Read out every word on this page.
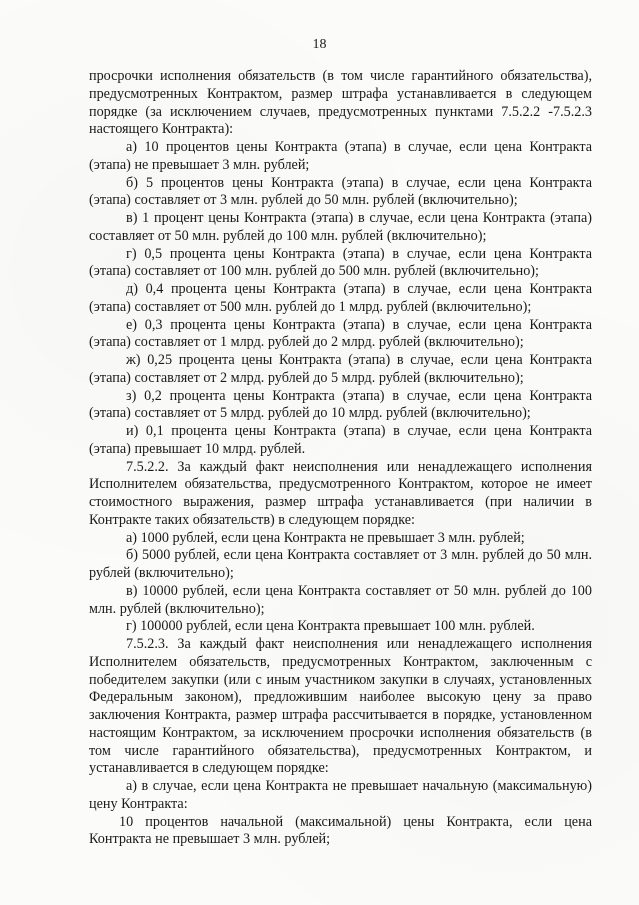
18

просрочки исполнения обязательств (в том числе гарантийного обязательства), предусмотренных Контрактом, размер штрафа устанавливается в следующем порядке (за исключением случаев, предусмотренных пунктами 7.5.2.2 -7.5.2.3 настоящего Контракта):

а) 10 процентов цены Контракта (этапа) в случае, если цена Контракта (этапа) не превышает 3 млн. рублей;

б) 5 процентов цены Контракта (этапа) в случае, если цена Контракта (этапа) составляет от 3 млн. рублей до 50 млн. рублей (включительно);

в) 1 процент цены Контракта (этапа) в случае, если цена Контракта (этапа) составляет от 50 млн. рублей до 100 млн. рублей (включительно);

г) 0,5 процента цены Контракта (этапа) в случае, если цена Контракта (этапа) составляет от 100 млн. рублей до 500 млн. рублей (включительно);

д) 0,4 процента цены Контракта (этапа) в случае, если цена Контракта (этапа) составляет от 500 млн. рублей до 1 млрд. рублей (включительно);

е) 0,3 процента цены Контракта (этапа) в случае, если цена Контракта (этапа) составляет от 1 млрд. рублей до 2 млрд. рублей (включительно);

ж) 0,25 процента цены Контракта (этапа) в случае, если цена Контракта (этапа) составляет от 2 млрд. рублей до 5 млрд. рублей (включительно);

з) 0,2 процента цены Контракта (этапа) в случае, если цена Контракта (этапа) составляет от 5 млрд. рублей до 10 млрд. рублей (включительно);

и) 0,1 процента цены Контракта (этапа) в случае, если цена Контракта (этапа) превышает 10 млрд. рублей.

7.5.2.2. За каждый факт неисполнения или ненадлежащего исполнения Исполнителем обязательства, предусмотренного Контрактом, которое не имеет стоимостного выражения, размер штрафа устанавливается (при наличии в Контракте таких обязательств) в следующем порядке:

а) 1000 рублей, если цена Контракта не превышает 3 млн. рублей;

б) 5000 рублей, если цена Контракта составляет от 3 млн. рублей до 50 млн. рублей (включительно);

в) 10000 рублей, если цена Контракта составляет от 50 млн. рублей до 100 млн. рублей (включительно);

г) 100000 рублей, если цена Контракта превышает 100 млн. рублей.

7.5.2.3. За каждый факт неисполнения или ненадлежащего исполнения Исполнителем обязательств, предусмотренных Контрактом, заключенным с победителем закупки (или с иным участником закупки в случаях, установленных Федеральным законом), предложившим наиболее высокую цену за право заключения Контракта, размер штрафа рассчитывается в порядке, установленном настоящим Контрактом, за исключением просрочки исполнения обязательств (в том числе гарантийного обязательства), предусмотренных Контрактом, и устанавливается в следующем порядке:

а) в случае, если цена Контракта не превышает начальную (максимальную) цену Контракта:

10 процентов начальной (максимальной) цены Контракта, если цена Контракта не превышает 3 млн. рублей;
